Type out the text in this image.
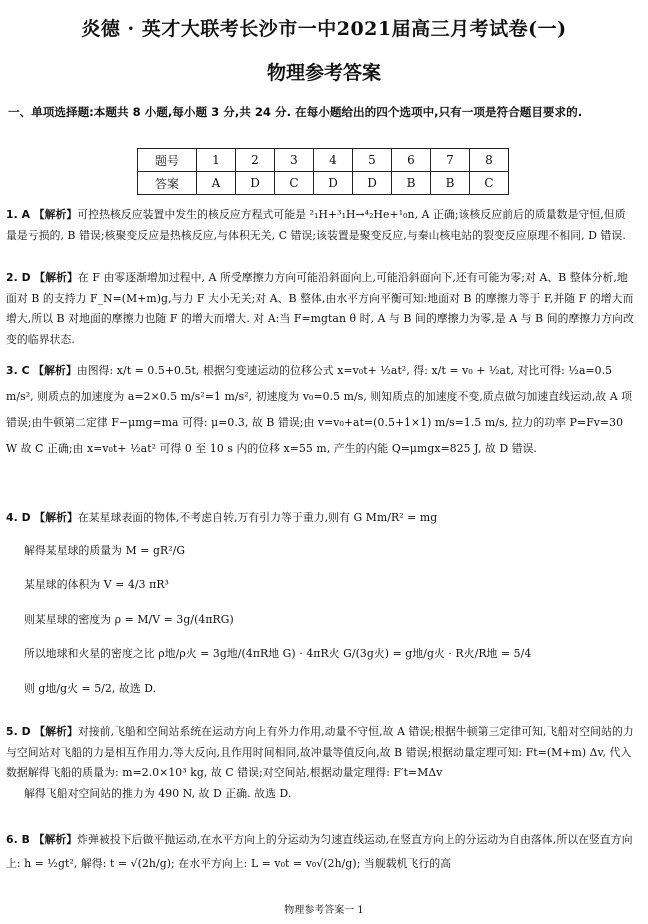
炎德 · 英才大联考长沙市一中2021届高三月考试卷(一)
物理参考答案
一、单项选择题:本题共 8 小题,每小题 3 分,共 24 分. 在每小题给出的四个选项中,只有一项是符合题目要求的.
题号	1	2	3	4	5	6	7	8
答案	A	D	C	D	D	B	B	C
1. A 【解析】可控热核反应装置中发生的核反应方程式可能是 ²₁H+³₁H→⁴₂He+¹₀n, A 正确;该核反应前后的质量数是守恒,但质量是亏损的, B 错误;核聚变反应是热核反应,与体积无关, C 错误;该装置是聚变反应,与秦山核电站的裂变反应原理不相同, D 错误.
2. D 【解析】在 F 由零逐渐增加过程中, A 所受摩擦力方向可能沿斜面向上,可能沿斜面向下,还有可能为零;对 A、B 整体分析,地面对 B 的支持力 F_N=(M+m)g,与力 F 大小无关;对 A、B 整体,由水平方向平衡可知:地面对 B 的摩擦力等于 F,并随 F 的增大而增大,所以 B 对地面的摩擦力也随 F 的增大而增大. 对 A:当 F=mgtan θ 时, A 与 B 间的摩擦力为零,是 A 与 B 间的摩擦力方向改变的临界状态.
3. C 【解析】由图得: x/t = 0.5+0.5t, 根据匀变速运动的位移公式 x=v₀t+ ½at², 得: x/t = v₀ + ½at, 对比可得: ½a=0.5 m/s², 则质点的加速度为 a=2×0.5 m/s²=1 m/s², 初速度为 v₀=0.5 m/s, 则知质点的加速度不变,质点做匀加速直线运动,故 A 项错误;由牛顿第二定律 F−μmg=ma 可得: μ=0.3, 故 B 错误;由 v=v₀+at=(0.5+1×1) m/s=1.5 m/s, 拉力的功率 P=Fv=30 W 故 C 正确;由 x=v₀t+ ½at² 可得 0 至 10 s 内的位移 x=55 m, 产生的内能 Q=μmgx=825 J, 故 D 错误.
4. D 【解析】在某星球表面的物体,不考虑自转,万有引力等于重力,则有 G Mm/R² = mg
解得某星球的质量为 M = gR²/G
某星球的体积为 V = 4/3 πR³
则某星球的密度为 ρ = M/V = 3g/(4πRG)
所以地球和火星的密度之比 ρ地/ρ火 = 3g地/(4πR地 G) · 4πR火 G/(3g火) = g地/g火 · R火/R地 = 5/4
则 g地/g火 = 5/2, 故选 D.
5. D 【解析】对接前,飞船和空间站系统在运动方向上有外力作用,动量不守恒,故 A 错误;根据牛顿第三定律可知,飞船对空间站的力与空间站对飞船的力是相互作用力,等大反向,且作用时间相同,故冲量等值反向,故 B 错误;根据动量定理可知: Ft=(M+m) Δv, 代入数据解得飞船的质量为: m=2.0×10³ kg, 故 C 错误;对空间站,根据动量定理得: F′t=MΔv
解得飞船对空间站的推力为 490 N, 故 D 正确. 故选 D.
6. B 【解析】炸弹被投下后做平抛运动,在水平方向上的分运动为匀速直线运动,在竖直方向上的分运动为自由落体,所以在竖直方向上: h = ½gt², 解得: t = √(2h/g); 在水平方向上: L = v₀t = v₀√(2h/g); 当舰载机飞行的高
物理参考答案一 1
